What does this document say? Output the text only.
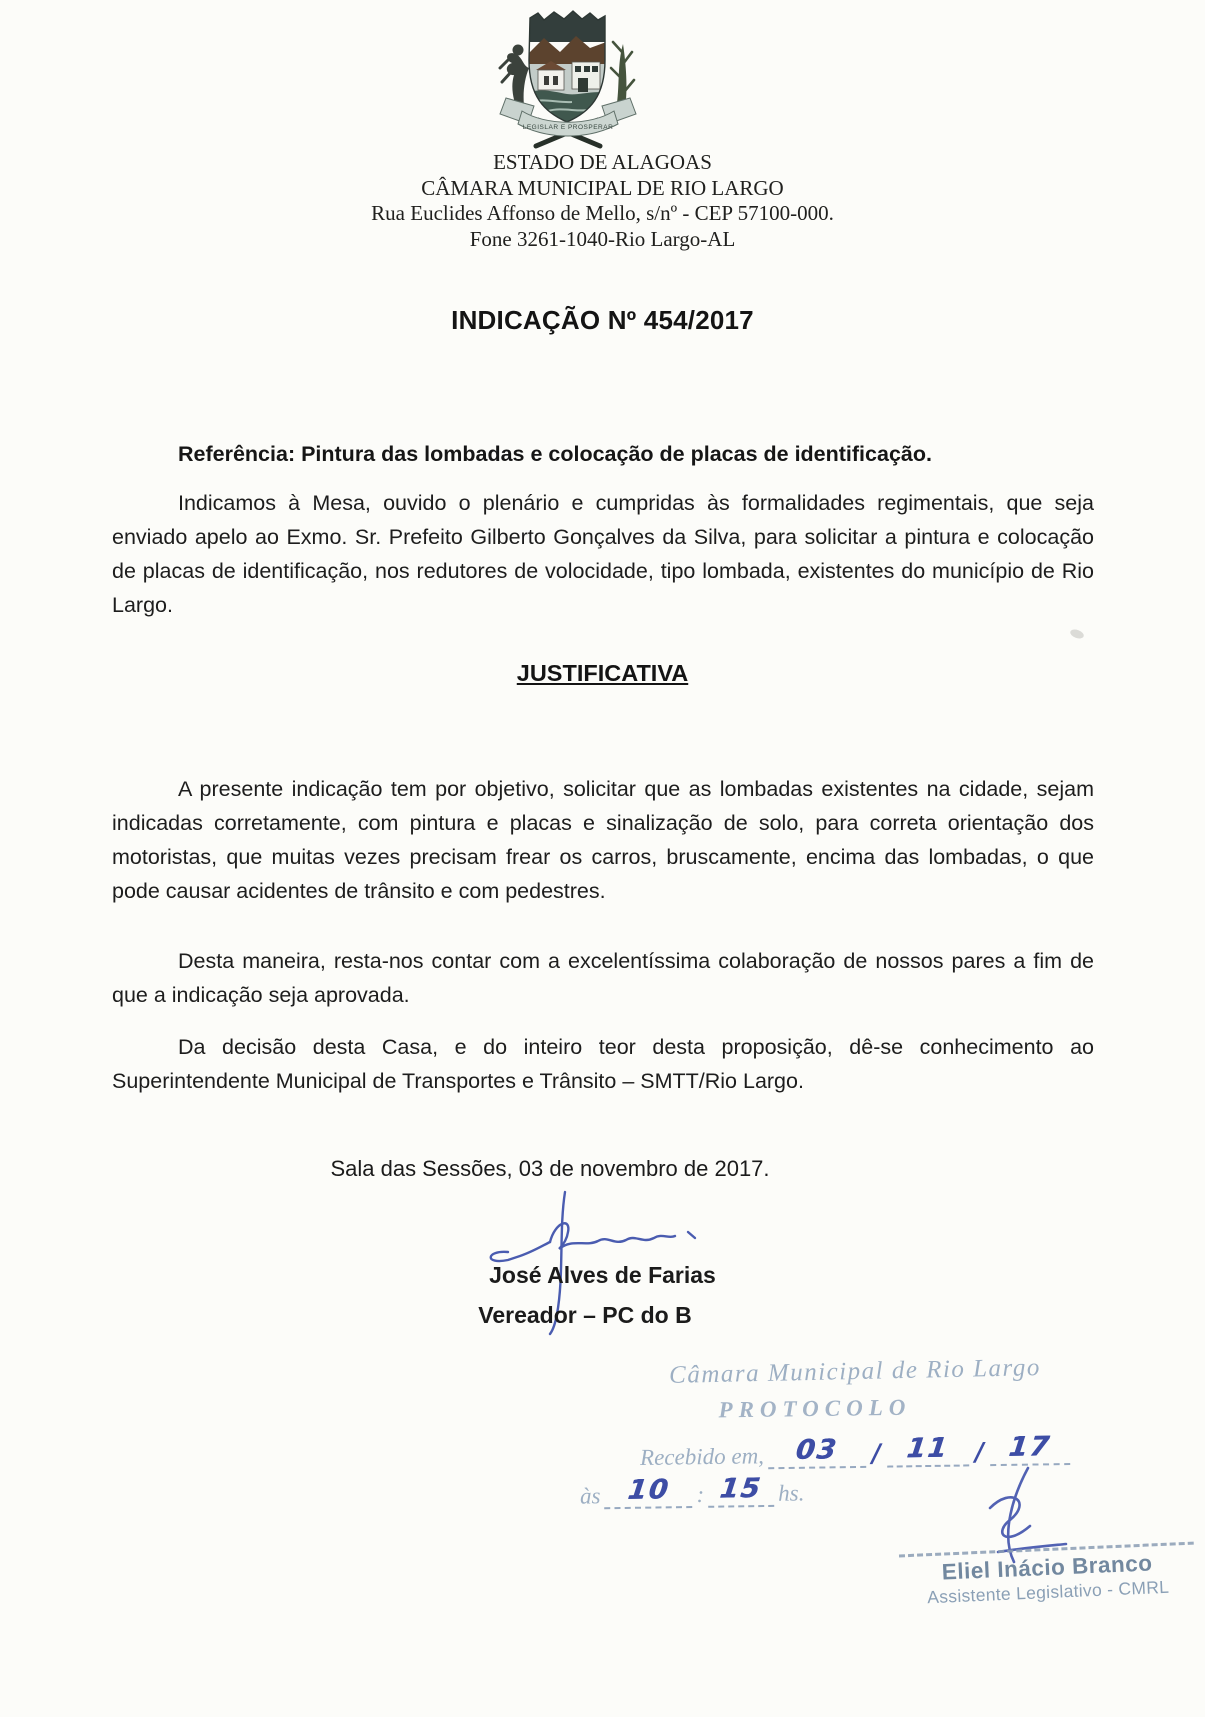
LEGISLAR E PROSPERAR
ESTADO DE ALAGOAS
CÂMARA MUNICIPAL DE RIO LARGO
Rua Euclides Affonso de Mello, s/nº - CEP 57100-000.
Fone 3261-1040-Rio Largo-AL
INDICAÇÃO Nº 454/2017
Referência: Pintura das lombadas e colocação de placas de identificação.
Indicamos à Mesa, ouvido o plenário e cumpridas às formalidades regimentais, que seja enviado apelo ao Exmo. Sr. Prefeito Gilberto Gonçalves da Silva, para solicitar a pintura e colocação de placas de identificação, nos redutores de volocidade, tipo lombada, existentes do município de Rio Largo.
JUSTIFICATIVA
A presente indicação tem por objetivo, solicitar que as lombadas existentes na cidade, sejam indicadas corretamente, com pintura e placas e sinalização de solo, para correta orientação dos motoristas, que muitas vezes precisam frear os carros, bruscamente, encima das lombadas, o que pode causar acidentes de trânsito e com pedestres.
Desta maneira, resta-nos contar com a excelentíssima colaboração de nossos pares a fim de que a indicação seja aprovada.
Da decisão desta Casa, e do inteiro teor desta proposição, dê-se conhecimento ao Superintendente Municipal de Transportes e Trânsito – SMTT/Rio Largo.
Sala das Sessões, 03 de novembro de 2017.
José Alves de Farias
Vereador – PC do B
Câmara Municipal de Rio Largo
PROTOCOLO
Recebido em,	03	/ 11 / 17
às 10	: 15 hs.
Eliel Inácio Branco
Assistente Legislativo - CMRL
